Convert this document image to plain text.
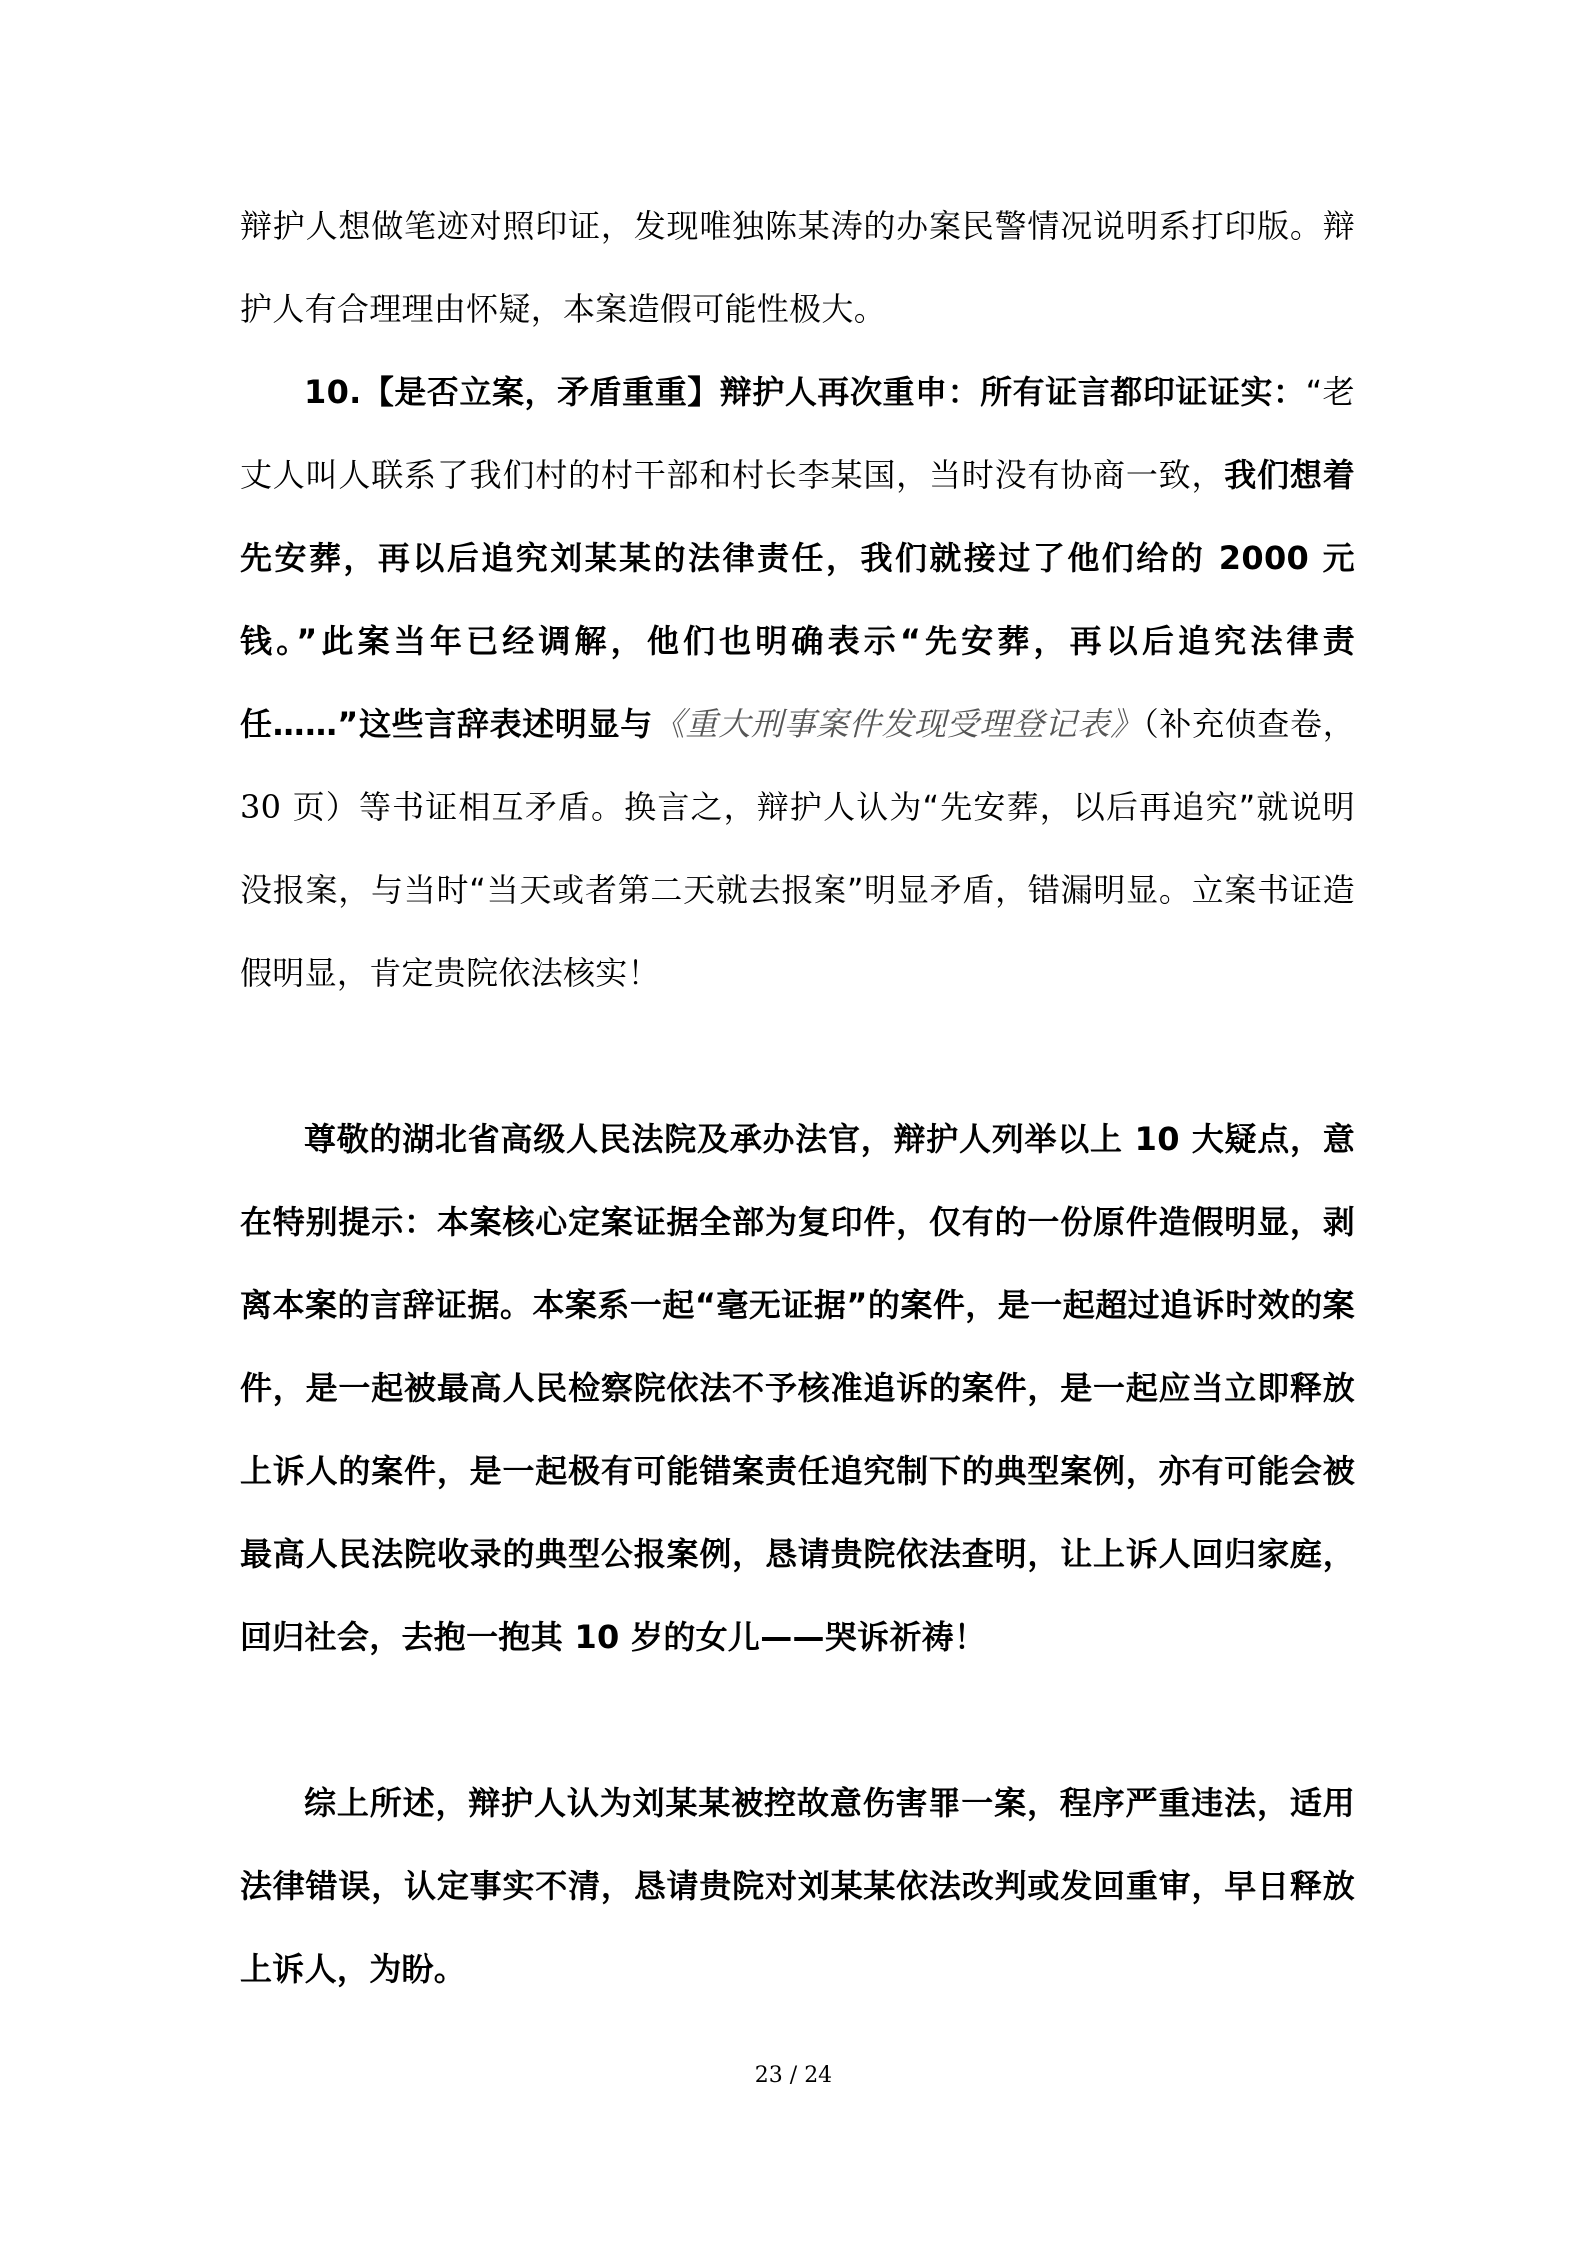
辩护人想做笔迹对照印证，发现唯独陈某涛的办案民警情况说明系打印版。辩护人有合理理由怀疑，本案造假可能性极大。

10.【是否立案，矛盾重重】辩护人再次重申：所有证言都印证证实：“老丈人叫人联系了我们村的村干部和村长李某国，当时没有协商一致，我们想着先安葬，再以后追究刘某某的法律责任，我们就接过了他们给的 2000 元钱。”此案当年已经调解，他们也明确表示“先安葬，再以后追究法律责任……”这些言辞表述明显与《重大刑事案件发现受理登记表》（补充侦查卷，30 页）等书证相互矛盾。换言之，辩护人认为“先安葬，以后再追究”就说明没报案，与当时“当天或者第二天就去报案”明显矛盾，错漏明显。立案书证造假明显，肯定贵院依法核实！

尊敬的湖北省高级人民法院及承办法官，辩护人列举以上 10 大疑点，意在特别提示：本案核心定案证据全部为复印件，仅有的一份原件造假明显，剥离本案的言辞证据。本案系一起“毫无证据”的案件，是一起超过追诉时效的案件，是一起被最高人民检察院依法不予核准追诉的案件，是一起应当立即释放上诉人的案件，是一起极有可能错案责任追究制下的典型案例，亦有可能会被最高人民法院收录的典型公报案例，恳请贵院依法查明，让上诉人回归家庭，回归社会，去抱一抱其 10 岁的女儿——哭诉祈祷！

综上所述，辩护人认为刘某某被控故意伤害罪一案，程序严重违法，适用法律错误，认定事实不清，恳请贵院对刘某某依法改判或发回重审，早日释放上诉人，为盼。

23 / 24
